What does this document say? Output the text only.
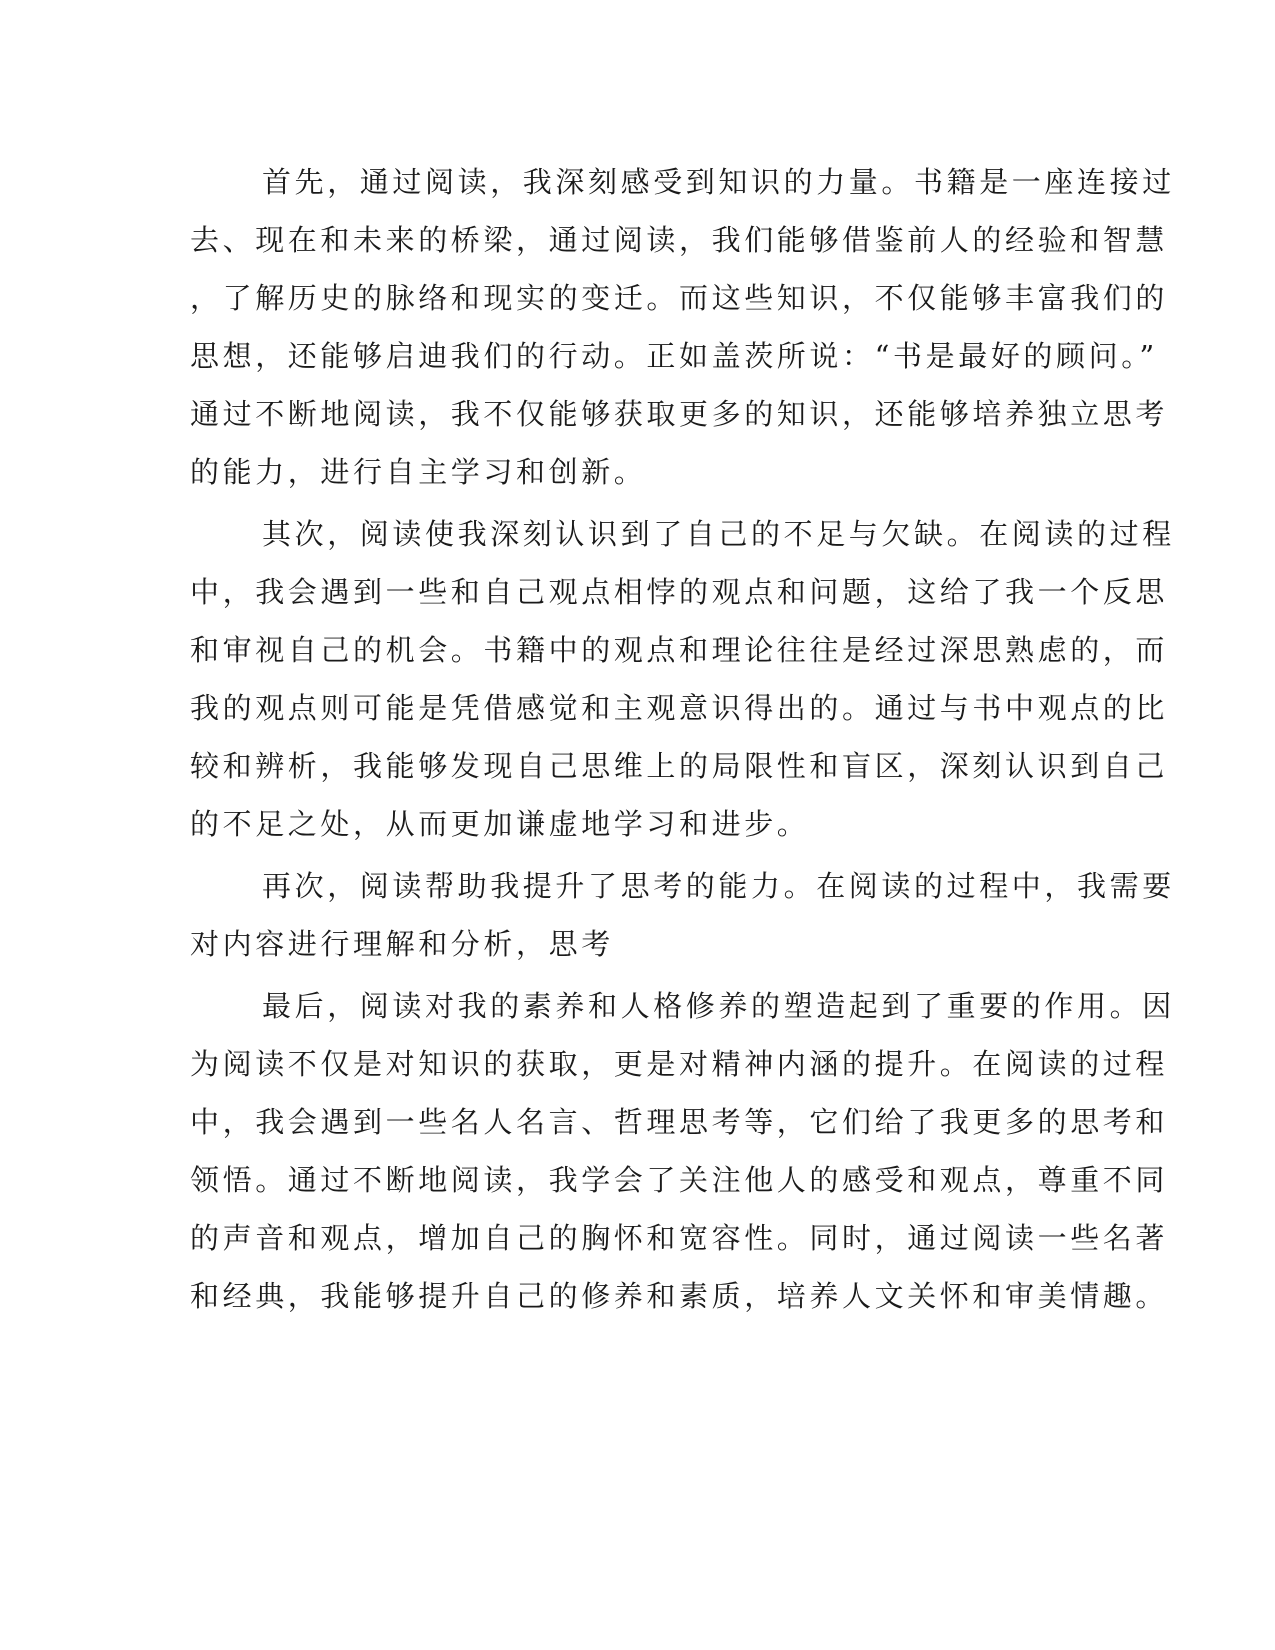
首先，通过阅读，我深刻感受到知识的力量。书籍是一座连接过

去、现在和未来的桥梁，通过阅读，我们能够借鉴前人的经验和智慧

，了解历史的脉络和现实的变迁。而这些知识，不仅能够丰富我们的

思想，还能够启迪我们的行动。正如盖茨所说：“书是最好的顾问。”

通过不断地阅读，我不仅能够获取更多的知识，还能够培养独立思考

的能力，进行自主学习和创新。

其次，阅读使我深刻认识到了自己的不足与欠缺。在阅读的过程

中，我会遇到一些和自己观点相悖的观点和问题，这给了我一个反思

和审视自己的机会。书籍中的观点和理论往往是经过深思熟虑的，而

我的观点则可能是凭借感觉和主观意识得出的。通过与书中观点的比

较和辨析，我能够发现自己思维上的局限性和盲区，深刻认识到自己

的不足之处，从而更加谦虚地学习和进步。

再次，阅读帮助我提升了思考的能力。在阅读的过程中，我需要

对内容进行理解和分析，思考

最后，阅读对我的素养和人格修养的塑造起到了重要的作用。因

为阅读不仅是对知识的获取，更是对精神内涵的提升。在阅读的过程

中，我会遇到一些名人名言、哲理思考等，它们给了我更多的思考和

领悟。通过不断地阅读，我学会了关注他人的感受和观点，尊重不同

的声音和观点，增加自己的胸怀和宽容性。同时，通过阅读一些名著

和经典，我能够提升自己的修养和素质，培养人文关怀和审美情趣。
